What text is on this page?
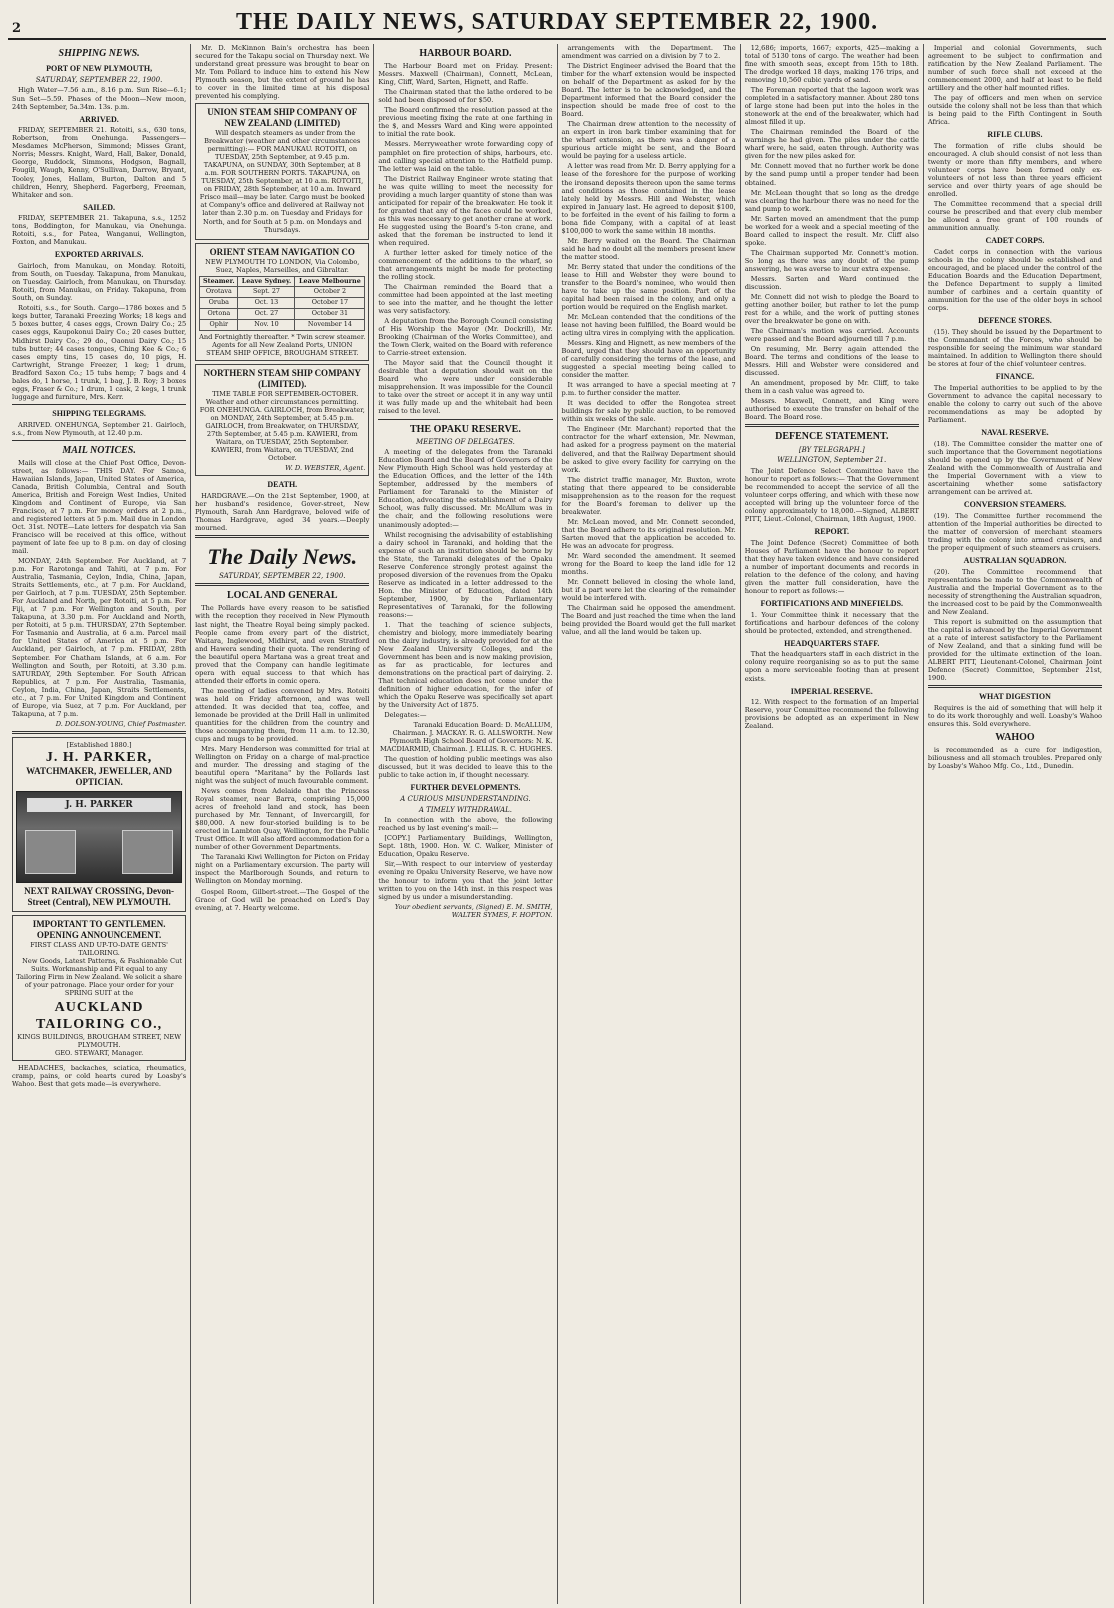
2	THE DAILY NEWS, SATURDAY SEPTEMBER 22, 1900.
SHIPPING NEWS.
PORT OF NEW PLYMOUTH,
SATURDAY, SEPTEMBER 22, 1900.

High Water—7.56 a.m., 8.16 p.m. Sun Rise—6.1; Sun Set—5.59. Phases of the Moon—New moon, 24th September, 5a.34m. 13s. p.m.

ARRIVED.

FRIDAY, SEPTEMBER 21. Rotoiti, s.s., 630 tons, Robertson, from Onehunga. Passengers—Mesdames McPherson, Simmond; Misses Grant, Norris; Messrs. Knight, Ward, Hall, Baker, Donald, George, Ruddock, Simmons, Hodgson, Bagnall, Fougill, Waugh, Kenny, O'Sullivan, Darrow, Bryant, Tooley, Jones, Hallam, Burton, Dalton and 5 children, Henry, Shepherd. Fagerberg, Freeman, Whitaker and son.

SAILED.

FRIDAY, SEPTEMBER 21. Takapuna, s.s., 1252 tons, Boddington, for Manukau, via Onehunga. Rotoiti, s.s., for Patea, Wanganui, Wellington, Foxton, and Manukau.

EXPORTED ARRIVALS.

Gairloch, from Manukau, on Monday. Rotoiti, from South, on Tuesday. Takapuna, from Manukau, on Tuesday. Gairloch, from Manukau, on Thursday. Rotoiti, from Manukau, on Friday. Takapuna, from South, on Sunday.

Rotoiti, s.s., for South. Cargo—1786 boxes and 5 kegs butter, Taranaki Freezing Works; 18 kegs and 5 boxes butter, 4 cases eggs, Crown Dairy Co.; 25 cases eggs, Kaupokonui Dairy Co.; 20 cases butter, Midhirst Dairy Co.; 29 do., Oaonui Dairy Co.; 15 tubs butter; 44 cases tongues, Ching Kee & Co.; 6 cases empty tins, 15 cases do, 10 pigs, H. Cartwright, Strange Freezer, 1 keg; 1 drum, Bradford Saxon Co.; 15 tubs hemp; 7 bags and 4 bales do, 1 horse, 1 trunk, 1 bag, J. B. Roy; 3 boxes eggs, Fraser & Co.; 1 drum, 1 cask, 2 kegs, 1 trunk luggage and furniture, Mrs. Kerr.

SHIPPING TELEGRAMS.

ARRIVED. ONEHUNGA, September 21. Gairloch, s.s., from New Plymouth, at 12.40 p.m.

MAIL NOTICES.

Mails will close at the Chief Post Office, Devon-street, as follows:— THIS DAY. For Samoa, Hawaiian Islands, Japan, United States of America, Canada, British Columbia, Central and South America, British and Foreign West Indies, United Kingdom and Continent of Europe, via San Francisco, at 7 p.m. For money orders at 2 p.m., and registered letters at 5 p.m. Mail due in London Oct. 31st. NOTE—Late letters for despatch via San Francisco will be received at this office, without payment of late fee up to 8 p.m. on day of closing mail.

MONDAY, 24th September. For Auckland, at 7 p.m. For Rarotonga and Tahiti, at 7 p.m. For Australia, Tasmania, Ceylon, India, China, Japan, Straits Settlements, etc., at 7 p.m. For Auckland, per Gairloch, at 7 p.m. TUESDAY, 25th September. For Auckland and North, per Rotoiti, at 5 p.m. For Fiji, at 7 p.m. For Wellington and South, per Takapuna, at 3.30 p.m. For Auckland and North, per Rotoiti, at 5 p.m. THURSDAY, 27th September. For Tasmania and Australia, at 6 a.m. Parcel mail for United States of America at 5 p.m. For Auckland, per Gairloch, at 7 p.m. FRIDAY, 28th September. For Chatham Islands, at 6 a.m. For Wellington and South, per Rotoiti, at 3.30 p.m. SATURDAY, 29th September. For South African Republics, at 7 p.m. For Australia, Tasmania, Ceylon, India, China, Japan, Straits Settlements, etc., at 7 p.m. For United Kingdom and Continent of Europe, via Suez, at 7 p.m. For Auckland, per Takapuna, at 7 p.m.

D. DOLSON-YOUNG, Chief Postmaster.
[Established 1880.]
J. H. PARKER,
WATCHMAKER, JEWELLER, AND OPTICIAN.
J. H. PARKER
NEXT RAILWAY CROSSING, Devon-Street (Central), NEW PLYMOUTH.
IMPORTANT TO GENTLEMEN.
OPENING ANNOUNCEMENT.
FIRST CLASS AND UP-TO-DATE GENTS' TAILORING.

New Goods, Latest Patterns, & Fashionable Cut Suits. Workmanship and Fit equal to any Tailoring Firm in New Zealand. We solicit a share of your patronage. Place your order for your SPRING SUIT at the

AUCKLAND TAILORING CO.,
KINGS BUILDINGS, BROUGHAM STREET, NEW PLYMOUTH.
GEO. STEWART, Manager.

HEADACHES, backaches, sciatica, rheumatics, cramp, pains, or cold hearts cured by Loasby's Wahoo. Best that gets made—is everywhere.

Mr. D. McKinnon Bain's orchestra has been secured for the Takapu social on Thursday next. We understand great pressure was brought to bear on Mr. Tom Pollard to induce him to extend his New Plymouth season, but the extent of ground he has to cover in the limited time at his disposal prevented his complying.

UNION STEAM SHIP COMPANY OF NEW ZEALAND (LIMITED)

Will despatch steamers as under from the Breakwater (weather and other circumstances permitting):— FOR MANUKAU. ROTOITI, on TUESDAY, 25th September, at 9.45 p.m. TAKAPUNA, on SUNDAY, 30th September, at 8 a.m. FOR SOUTHERN PORTS. TAKAPUNA, on TUESDAY, 25th September, at 10 a.m. ROTOITI, on FRIDAY, 28th September, at 10 a.m. Inward Frisco mail—may be later. Cargo must be booked at Company's office and delivered at Railway not later than 2.30 p.m. on Tuesday and Fridays for North, and for South at 5 p.m. on Mondays and Thursdays.

ORIENT STEAM NAVIGATION CO
NEW PLYMOUTH TO LONDON, Via Colombo, Suez, Naples, Marseilles, and Gibraltar.
Steamer.	Leave Sydney.	Leave Melbourne
Orotava	Sept. 27	October 2
Oruba	Oct. 13	October 17
Ortona	Oct. 27	October 31
Ophir	Nov. 10	November 14
And Fortnightly thereafter. * Twin screw steamer. Agents for all New Zealand Ports, UNION STEAM SHIP OFFICE, BROUGHAM STREET.
NORTHERN STEAM SHIP COMPANY (LIMITED).

TIME TABLE FOR SEPTEMBER-OCTOBER. Weather and other circumstances permitting. FOR ONEHUNGA. GAIRLOCH, from Breakwater, on MONDAY, 24th September, at 5.45 p.m. GAIRLOCH, from Breakwater, on THURSDAY, 27th September, at 5.45 p.m. KAWIERI, from Waitara, on TUESDAY, 25th September. KAWIERI, from Waitara, on TUESDAY, 2nd October.

W. D. WEBSTER, Agent.
DEATH.

HARDGRAVE.—On the 21st September, 1900, at her husband's residence, Gover-street, New Plymouth, Sarah Ann Hardgrave, beloved wife of Thomas Hardgrave, aged 34 years.—Deeply mourned.

The Daily News.
SATURDAY, SEPTEMBER 22, 1900.
LOCAL AND GENERAL

The Pollards have every reason to be satisfied with the reception they received in New Plymouth last night, the Theatre Royal being simply packed. People came from every part of the district, Waitara, Inglewood, Midhirst, and even Stratford and Hawera sending their quota. The rendering of the beautiful opera Martana was a great treat and proved that the Company can handle legitimate opera with equal success to that which has attended their efforts in comic opera.

The meeting of ladies convened by Mrs. Rotoiti was held on Friday afternoon, and was well attended. It was decided that tea, coffee, and lemonade be provided at the Drill Hall in unlimited quantities for the children from the country and those accompanying them, from 11 a.m. to 12.30, cups and mugs to be provided.

Mrs. Mary Henderson was committed for trial at Wellington on Friday on a charge of mal-practice and murder. The dressing and staging of the beautiful opera "Maritana" by the Pollards last night was the subject of much favourable comment.

News comes from Adelaide that the Princess Royal steamer, near Barra, comprising 15,000 acres of freehold land and stock, has been purchased by Mr. Tennant, of Invercargill, for $80,000. A new four-storied building is to be erected in Lambton Quay, Wellington, for the Public Trust Office. It will also afford accommodation for a number of other Government Departments.

The Taranaki Kiwi Wellington for Picton on Friday night on a Parliamentary excursion. The party will inspect the Marlborough Sounds, and return to Wellington on Monday morning.

Gospel Room, Gilbert-street.—The Gospel of the Grace of God will be preached on Lord's Day evening, at 7. Hearty welcome.

HARBOUR BOARD.

The Harbour Board met on Friday. Present: Messrs. Maxwell (Chairman), Connett, McLean, King, Cliff, Ward, Sarten, Hignett, and Raffe.

The Chairman stated that the lathe ordered to be sold had been disposed of for $50.

The Board confirmed the resolution passed at the previous meeting fixing the rate at one farthing in the $, and Messrs Ward and King were appointed to initial the rate book.

Messrs. Merryweather wrote forwarding copy of pamphlet on fire protection of ships, harbours, etc. and calling special attention to the Hatfield pump. The letter was laid on the table.

The District Railway Engineer wrote stating that he was quite willing to meet the necessity for providing a much larger quantity of stone than was anticipated for repair of the breakwater. He took it for granted that any of the faces could be worked, as this was necessary to get another crane at work. He suggested using the Board's 5-ton crane, and asked that the foreman be instructed to lend it when required.

A further letter asked for timely notice of the commencement of the additions to the wharf, so that arrangements might be made for protecting the rolling stock.

The Chairman reminded the Board that a committee had been appointed at the last meeting to see into the matter, and he thought the letter was very satisfactory.

A deputation from the Borough Council consisting of His Worship the Mayor (Mr. Dockrill), Mr. Brooking (Chairman of the Works Committee), and the Town Clerk, waited on the Board with reference to Carrie-street extension.

The Mayor said that the Council thought it desirable that a deputation should wait on the Board who were under considerable misapprehension. It was impossible for the Council to take over the street or accept it in any way until it was fully made up and the whitebait had been raised to the level.

THE OPAKU RESERVE.
MEETING OF DELEGATES.

A meeting of the delegates from the Taranaki Education Board and the Board of Governors of the New Plymouth High School was held yesterday at the Education Offices, and the letter of the 14th September, addressed by the members of Parliament for Taranaki to the Minister of Education, advocating the establishment of a Dairy School, was fully discussed. Mr. McAllum was in the chair, and the following resolutions were unanimously adopted:—

Whilst recognising the advisability of establishing a dairy school in Taranaki, and holding that the expense of such an institution should be borne by the State, the Taranaki delegates of the Opaku Reserve Conference strongly protest against the proposed diversion of the revenues from the Opaku Reserve as indicated in a letter addressed to the Hon. the Minister of Education, dated 14th September, 1900, by the Parliamentary Representatives of Taranaki, for the following reasons:—

1. That the teaching of science subjects, chemistry and biology, more immediately bearing on the dairy industry, is already provided for at the New Zealand University Colleges, and the Government has been and is now making provision, as far as practicable, for lectures and demonstrations on the practical part of dairying. 2. That technical education does not come under the definition of higher education, for the infer of which the Opaku Reserve was specifically set apart by the University Act of 1875.

Delegates:—

Taranaki Education Board: D. McALLUM, Chairman. J. MACKAY. R. G. ALLSWORTH. New Plymouth High School Board of Governors: N. K. MACDIARMID, Chairman. J. ELLIS. R. C. HUGHES.

The question of holding public meetings was also discussed, but it was decided to leave this to the public to take action in, if thought necessary.

FURTHER DEVELOPMENTS.
A CURIOUS MISUNDERSTANDING.
A TIMELY WITHDRAWAL.

In connection with the above, the following reached us by last evening's mail:—

[COPY.] Parliamentary Buildings, Wellington, Sept. 18th, 1900. Hon. W. C. Walker, Minister of Education, Opaku Reserve.

Sir,—With respect to our interview of yesterday evening re Opaku University Reserve, we have now the honour to inform you that the joint letter written to you on the 14th inst. in this respect was signed by us under a misunderstanding.

Your obedient servants, (Signed) E. M. SMITH, WALTER SYMES, F. HOPTON.

arrangements with the Department. The amendment was carried on a division by 7 to 2.

The District Engineer advised the Board that the timber for the wharf extension would be inspected on behalf of the Department as asked for by the Board. The letter is to be acknowledged, and the Department informed that the Board consider the inspection should be made free of cost to the Board.

The Chairman drew attention to the necessity of an expert in iron bark timber examining that for the wharf extension, as there was a danger of a spurious article might be sent, and the Board would be paying for a useless article.

A letter was read from Mr. D. Berry applying for a lease of the foreshore for the purpose of working the ironsand deposits thereon upon the same terms and conditions as those contained in the lease lately held by Messrs. Hill and Webster, which expired in January last. He agreed to deposit $100, to be forfeited in the event of his failing to form a bona fide Company, with a capital of at least $100,000 to work the same within 18 months.

Mr. Berry waited on the Board. The Chairman said he had no doubt all the members present knew the matter stood.

Mr. Berry stated that under the conditions of the lease to Hill and Webster they were bound to transfer to the Board's nominee, who would then have to take up the same position. Part of the capital had been raised in the colony, and only a portion would be required on the English market.

Mr. McLean contended that the conditions of the lease not having been fulfilled, the Board would be acting ultra vires in complying with the application.

Messrs. King and Hignett, as new members of the Board, urged that they should have an opportunity of carefully considering the terms of the lease, and suggested a special meeting being called to consider the matter.

It was arranged to have a special meeting at 7 p.m. to further consider the matter.

It was decided to offer the Rongotea street buildings for sale by public auction, to be removed within six weeks of the sale.

The Engineer (Mr. Marchant) reported that the contractor for the wharf extension, Mr. Newman, had asked for a progress payment on the material delivered, and that the Railway Department should be asked to give every facility for carrying on the work.

The district traffic manager, Mr. Buxton, wrote stating that there appeared to be considerable misapprehension as to the reason for the request for the Board's foreman to deliver up the breakwater.

Mr. McLean moved, and Mr. Connett seconded, that the Board adhere to its original resolution. Mr. Sarten moved that the application be acceded to. He was an advocate for progress.

Mr. Ward seconded the amendment. It seemed wrong for the Board to keep the land idle for 12 months.

Mr. Connett believed in closing the whole land, but if a part were let the clearing of the remainder would be interfered with.

The Chairman said he opposed the amendment. The Board and just reached the time when the land being provided the Board would get the full market value, and all the land would be taken up.

12,686; imports, 1667; exports, 425—making a total of 5130 tons of cargo. The weather had been fine with smooth seas, except from 15th to 18th. The dredge worked 18 days, making 176 trips, and removing 10,560 cubic yards of sand.

The Foreman reported that the lagoon work was completed in a satisfactory manner. About 280 tons of large stone had been put into the holes in the stonework at the end of the breakwater, which had almost filled it up.

The Chairman reminded the Board of the warnings he had given. The piles under the cattle wharf were, he said, eaten through. Authority was given for the new piles asked for.

Mr. Connett moved that no further work be done by the sand pump until a proper tender had been obtained.

Mr. McLean thought that so long as the dredge was clearing the harbour there was no need for the sand pump to work.

Mr. Sarten moved an amendment that the pump be worked for a week and a special meeting of the Board called to inspect the result. Mr. Cliff also spoke.

The Chairman supported Mr. Connett's motion. So long as there was any doubt of the pump answering, he was averse to incur extra expense.

Messrs. Sarten and Ward continued the discussion.

Mr. Connett did not wish to pledge the Board to getting another boiler, but rather to let the pump rest for a while, and the work of putting stones over the breakwater be gone on with.

The Chairman's motion was carried. Accounts were passed and the Board adjourned till 7 p.m.

On resuming, Mr. Berry again attended the Board. The terms and conditions of the lease to Messrs. Hill and Webster were considered and discussed.

An amendment, proposed by Mr. Cliff, to take them in a cash value was agreed to.

Messrs. Maxwell, Connett, and King were authorised to execute the transfer on behalf of the Board. The Board rose.

DEFENCE STATEMENT.
[BY TELEGRAPH.]
WELLINGTON, September 21.

The Joint Defence Select Committee have the honour to report as follows:— That the Government be recommended to accept the service of all the volunteer corps offering, and which with these now accepted will bring up the volunteer force of the colony approximately to 18,000.—Signed, ALBERT PITT, Lieut.-Colonel, Chairman, 18th August, 1900.

REPORT.

The Joint Defence (Secret) Committee of both Houses of Parliament have the honour to report that they have taken evidence and have considered a number of important documents and records in relation to the defence of the colony, and having given the matter full consideration, have the honour to report as follows:—

FORTIFICATIONS AND MINEFIELDS.

1. Your Committee think it necessary that the fortifications and harbour defences of the colony should be protected, extended, and strengthened.

HEADQUARTERS STAFF.

That the headquarters staff in each district in the colony require reorganising so as to put the same upon a more serviceable footing than at present exists.

IMPERIAL RESERVE.

12. With respect to the formation of an Imperial Reserve, your Committee recommend the following provisions be adopted as an experiment in New Zealand.

Imperial and colonial Governments, such agreement to be subject to confirmation and ratification by the New Zealand Parliament. The number of such force shall not exceed at the commencement 2000, and half at least to be field artillery and the other half mounted rifles.

The pay of officers and men when on service outside the colony shall not be less than that which is being paid to the Fifth Contingent in South Africa.

RIFLE CLUBS.

The formation of rifle clubs should be encouraged. A club should consist of not less than twenty or more than fifty members, and where volunteer corps have been formed only ex-volunteers of not less than three years efficient service and over thirty years of age should be enrolled.

The Committee recommend that a special drill course be prescribed and that every club member be allowed a free grant of 100 rounds of ammunition annually.

CADET CORPS.

Cadet corps in connection with the various schools in the colony should be established and encouraged, and be placed under the control of the Education Boards and the Education Department, the Defence Department to supply a limited number of carbines and a certain quantity of ammunition for the use of the older boys in school corps.

DEFENCE STORES.

(15). They should be issued by the Department to the Commandant of the Forces, who should be responsible for seeing the minimum war standard maintained. In addition to Wellington there should be stores at four of the chief volunteer centres.

FINANCE.

The Imperial authorities to be applied to by the Government to advance the capital necessary to enable the colony to carry out such of the above recommendations as may be adopted by Parliament.

NAVAL RESERVE.

(18). The Committee consider the matter one of such importance that the Government negotiations should be opened up by the Government of New Zealand with the Commonwealth of Australia and the Imperial Government with a view to ascertaining whether some satisfactory arrangement can be arrived at.

CONVERSION STEAMERS.

(19). The Committee further recommend the attention of the Imperial authorities be directed to the matter of conversion of merchant steamers trading with the colony into armed cruisers, and the proper equipment of such steamers as cruisers.

AUSTRALIAN SQUADRON.

(20). The Committee recommend that representations be made to the Commonwealth of Australia and the Imperial Government as to the necessity of strengthening the Australian squadron, the increased cost to be paid by the Commonwealth and New Zealand.

This report is submitted on the assumption that the capital is advanced by the Imperial Government at a rate of interest satisfactory to the Parliament of New Zealand, and that a sinking fund will be provided for the ultimate extinction of the loan. ALBERT PITT, Lieutenant-Colonel, Chairman Joint Defence (Secret) Committee, September 21st, 1900.

WHAT DIGESTION

Requires is the aid of something that will help it to do its work thoroughly and well. Loasby's Wahoo ensures this. Sold everywhere.

WAHOO

is recommended as a cure for indigestion, biliousness and all stomach troubles. Prepared only by Loasby's Wahoo Mfg. Co., Ltd., Dunedin.
